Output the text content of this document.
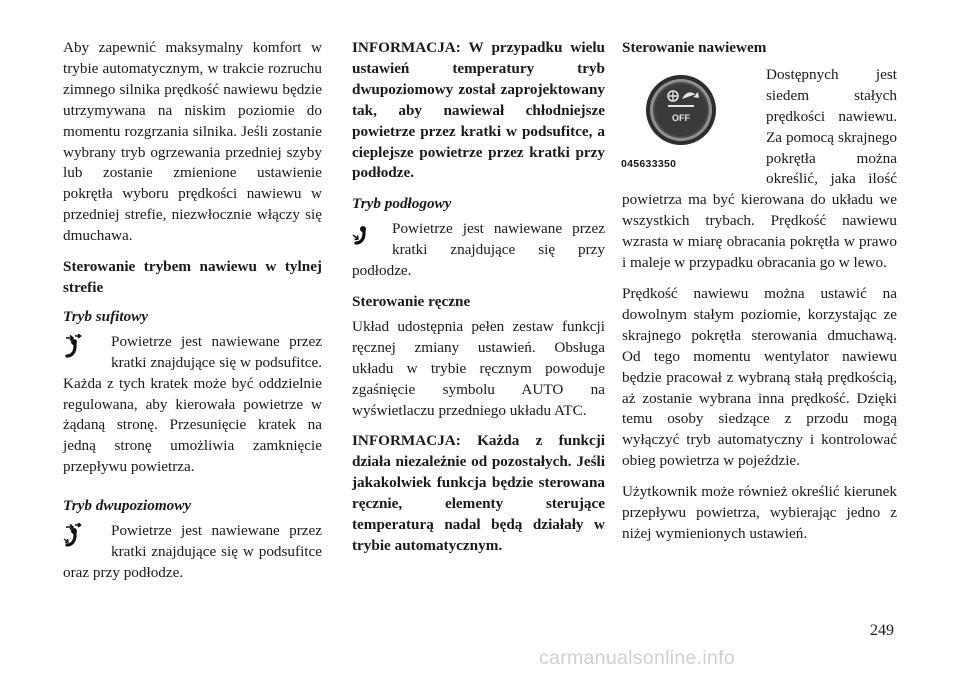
Aby zapewnić maksymalny komfort w trybie automatycznym, w trakcie rozruchu zimnego silnika prędkość nawiewu będzie utrzymywana na niskim poziomie do momentu rozgrzania silnika. Jeśli zostanie wybrany tryb ogrzewania przedniej szyby lub zostanie zmienione ustawienie pokrętła wyboru prędkości nawiewu w przedniej strefie, niezwłocznie włączy się dmuchawa.

Sterowanie trybem nawiewu w tylnej strefie

Tryb sufitowy

Powietrze jest nawiewane przez kratki znajdujące się w podsufitce. Każda z tych kratek może być oddzielnie regulowana, aby kierowała powietrze w żądaną stronę. Przesunięcie kratek na jedną stronę umożliwia zamknięcie przepływu powietrza.

Tryb dwupoziomowy

Powietrze jest nawiewane przez kratki znajdujące się w podsufitce oraz przy podłodze.

INFORMACJA: W przypadku wielu ustawień temperatury tryb dwupoziomowy został zaprojektowany tak, aby nawiewał chłodniejsze powietrze przez kratki w podsufitce, a cieplejsze powietrze przez kratki przy podłodze.

Tryb podłogowy

Powietrze jest nawiewane przez kratki znajdujące się przy podłodze.

Sterowanie ręczne

Układ udostępnia pełen zestaw funkcji ręcznej zmiany ustawień. Obsługa układu w trybie ręcznym powoduje zgaśnięcie symbolu AUTO na wyświetlaczu przedniego układu ATC.

INFORMACJA: Każda z funkcji działa niezależnie od pozostałych. Jeśli jakakolwiek funkcja będzie sterowana ręcznie, elementy sterujące temperaturą nadal będą działały w trybie automatycznym.

Sterowanie nawiewem

OFF
045633350

Dostępnych jest siedem stałych prędkości nawiewu. Za pomocą skrajnego pokrętła można określić, jaka ilość powietrza ma być kierowana do układu we wszystkich trybach. Prędkość nawiewu wzrasta w miarę obracania pokrętła w prawo i maleje w przypadku obracania go w lewo.

Prędkość nawiewu można ustawić na dowolnym stałym poziomie, korzystając ze skrajnego pokrętła sterowania dmuchawą. Od tego momentu wentylator nawiewu będzie pracował z wybraną stałą prędkością, aż zostanie wybrana inna prędkość. Dzięki temu osoby siedzące z przodu mogą wyłączyć tryb automatyczny i kontrolować obieg powietrza w pojeździe.

Użytkownik może również określić kierunek przepływu powietrza, wybierając jedno z niżej wymienionych ustawień.

249
carmanualsonline.info
